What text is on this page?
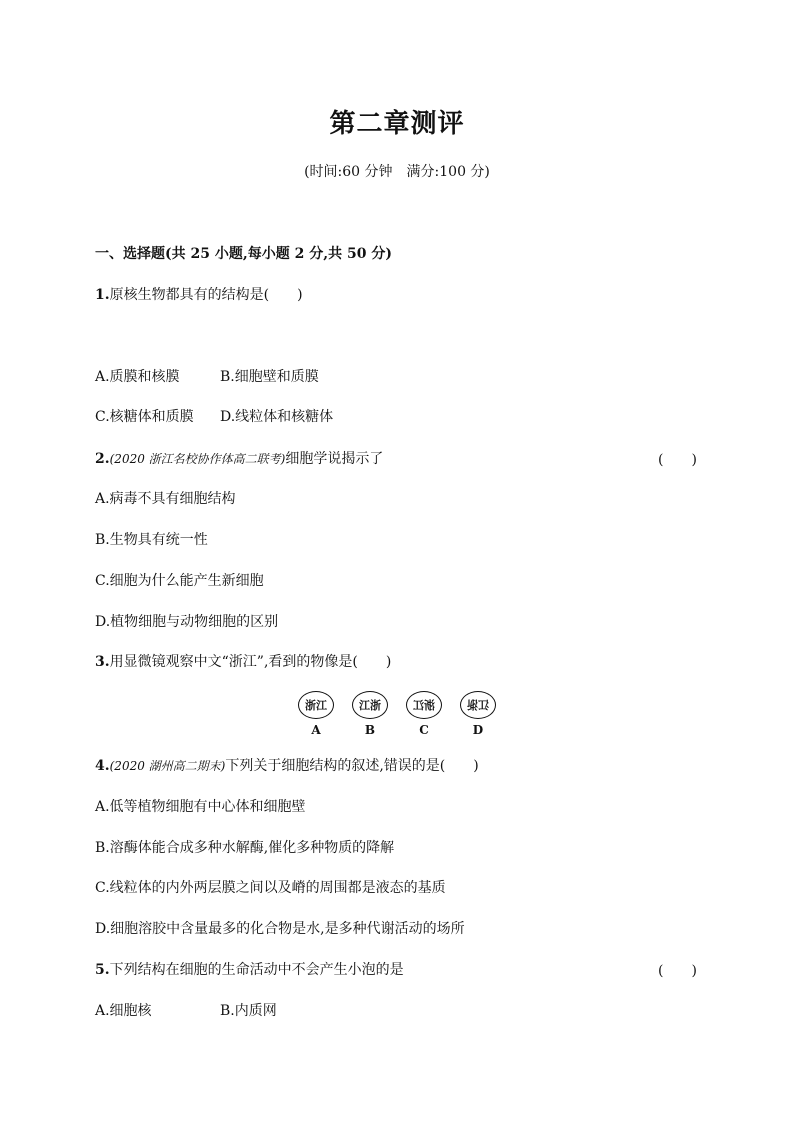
第二章测评
(时间:60 分钟　满分:100 分)
一、选择题(共 25 小题,每小题 2 分,共 50 分)
1.原核生物都具有的结构是(　　)
A.质膜和核膜	B.细胞壁和质膜
C.核糖体和质膜 D.线粒体和核糖体
2.(2020 浙江名校协作体高二联考)细胞学说揭示了	(　　)
A.病毒不具有细胞结构
B.生物具有统一性
C.细胞为什么能产生新细胞
D.植物细胞与动物细胞的区别
3.用显微镜观察中文“浙江”,看到的物像是(　　)
浙江
A
江浙
B
浙江
C
江浙
D
4.(2020 湖州高二期末)下列关于细胞结构的叙述,错误的是(　　)
A.低等植物细胞有中心体和细胞壁
B.溶酶体能合成多种水解酶,催化多种物质的降解
C.线粒体的内外两层膜之间以及嵴的周围都是液态的基质
D.细胞溶胶中含量最多的化合物是水,是多种代谢活动的场所
5.下列结构在细胞的生命活动中不会产生小泡的是	(　　)
A.细胞核	B.内质网
